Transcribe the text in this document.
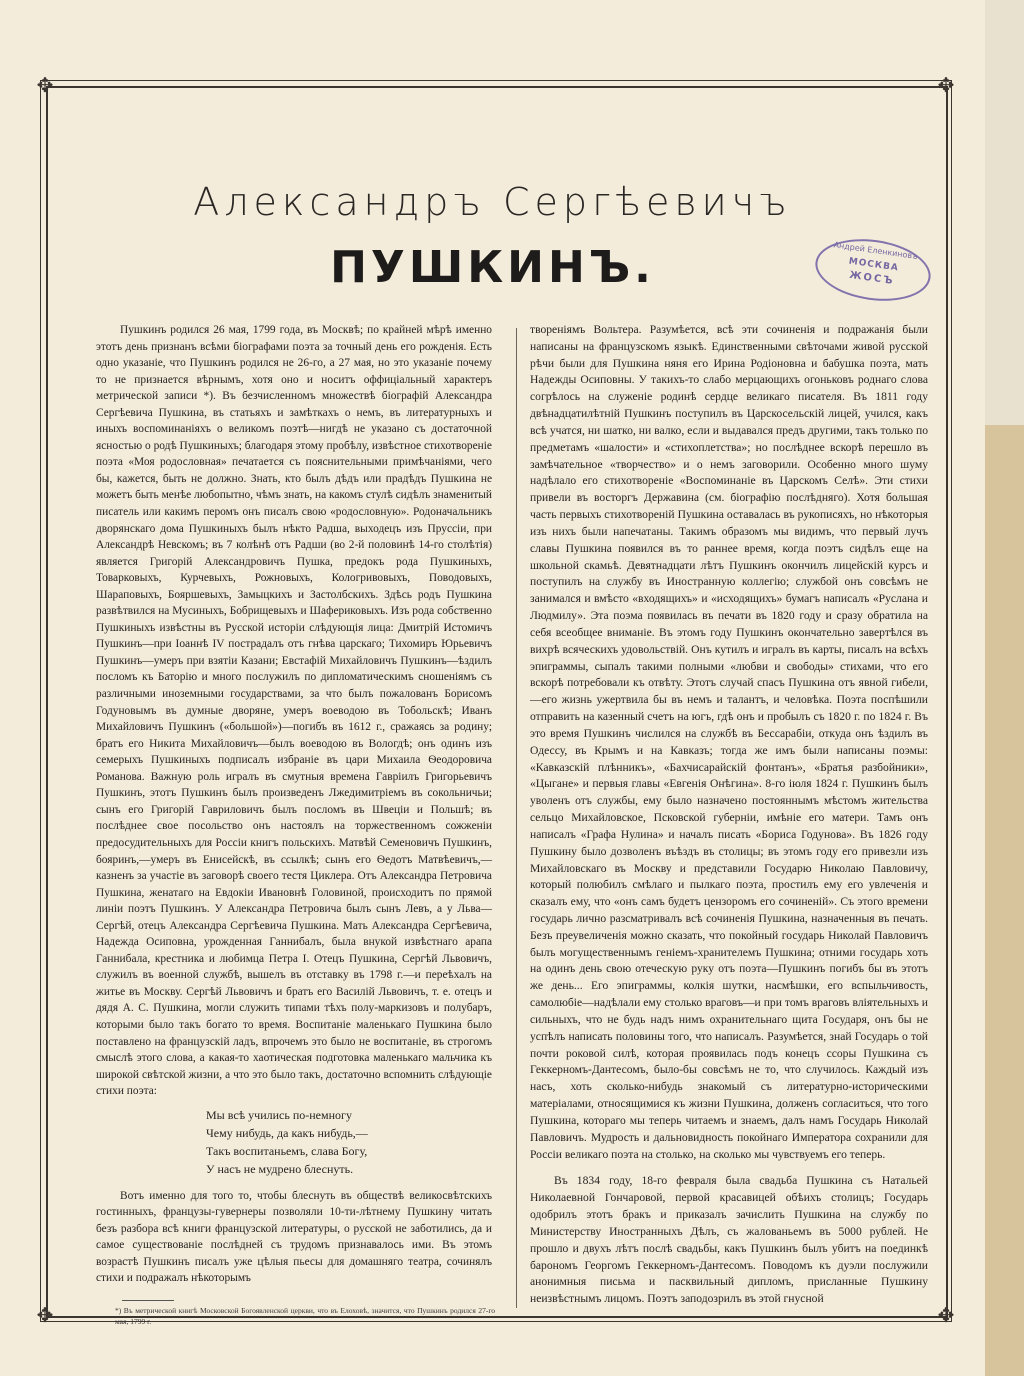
✥	✥
✥	✥
Александръ Сергѣевичъ
ПУШКИНЪ.	Андрей Еленкиновъ
МОСКВА
ЖОСЪ

Пушкинъ родился 26 мая, 1799 года, въ Москвѣ; по крайней мѣрѣ именно этотъ день признанъ всѣми біографами поэта за точный день его рожденія. Есть одно указаніе, что Пушкинъ родился не 26-го, а 27 мая, но это указаніе почему то не признается вѣрнымъ, хотя оно и носитъ оффиціальный характеръ метрической записи *). Въ безчисленномъ множествѣ біографій Александра Сергѣевича Пушкина, въ статьяхъ и замѣткахъ о немъ, въ литературныхъ и иныхъ воспоминаніяхъ о великомъ поэтѣ—нигдѣ не указано съ достаточной ясностью о родѣ Пушкиныхъ; благодаря этому пробѣлу, извѣстное стихотвореніе поэта «Моя родословная» печатается съ пояснительными примѣчаніями, чего бы, кажется, быть не должно. Знать, кто былъ дѣдъ или прадѣдъ Пушкина не можетъ быть менѣе любопытно, чѣмъ знать, на какомъ стулѣ сидѣлъ знаменитый писатель или какимъ перомъ онъ писалъ свою «родословную». Родоначальникъ дворянскаго дома Пушкиныхъ былъ нѣкто Радша, выходецъ изъ Пруссіи, при Александрѣ Невскомъ; въ 7 колѣнѣ отъ Радши (во 2-й половинѣ 14-го столѣтія) является Григорій Александровичъ Пушка, предокъ рода Пушкиныхъ, Товарковыхъ, Курчевыхъ, Рожновыхъ, Кологривовыхъ, Поводовыхъ, Шараповыхъ, Бояршевыхъ, Замыцкихъ и Застолбскихъ. Здѣсь родъ Пушкина развѣтвился на Мусиныхъ, Бобрищевыхъ и Шафериковыхъ. Изъ рода собственно Пушкиныхъ извѣстны въ Русской исторіи слѣдующія лица: Дмитрій Истомичъ Пушкинъ—при Іоаннѣ IV пострадалъ отъ гнѣва царскаго; Тихомиръ Юрьевичъ Пушкинъ—умеръ при взятіи Казани; Евстафій Михайловичъ Пушкинъ—ѣздилъ посломъ къ Баторію и много послужилъ по дипломатическимъ сношеніямъ съ различными иноземными государствами, за что былъ пожалованъ Борисомъ Годуновымъ въ думные дворяне, умеръ воеводою въ Тобольскѣ; Иванъ Михайловичъ Пушкинъ («большой»)—погибъ въ 1612 г., сражаясь за родину; братъ его Никита Михайловичъ—былъ воеводою въ Вологдѣ; онъ одинъ изъ семерыхъ Пушкиныхъ подписалъ избраніе въ цари Михаила Ѳеодоровича Романова. Важную роль игралъ въ смутныя времена Гавріилъ Григорьевичъ Пушкинъ, этотъ Пушкинъ былъ произведенъ Лжедимитріемъ въ сокольничьи; сынъ его Григорій Гавриловичъ былъ посломъ въ Швеціи и Польшѣ; въ послѣднее свое посольство онъ настоялъ на торжественномъ сожженіи предосудительныхъ для Россіи книгъ польскихъ. Матвѣй Семеновичъ Пушкинъ, бояринъ,—умеръ въ Енисейскѣ, въ ссылкѣ; сынъ его Ѳедотъ Матвѣевичъ,—казненъ за участіе въ заговорѣ своего тестя Циклера. Отъ Александра Петровича Пушкина, женатаго на Евдокіи Ивановнѣ Головиной, происходитъ по прямой линіи поэтъ Пушкинъ. У Александра Петровича былъ сынъ Левъ, а у Льва—Сергѣй, отецъ Александра Сергѣевича Пушкина. Мать Александра Сергѣевича, Надежда Осиповна, урожденная Ганнибалъ, была внукой извѣстнаго арапа Ганнибала, крестника и любимца Петра I. Отецъ Пушкина, Сергѣй Львовичъ, служилъ въ военной службѣ, вышелъ въ отставку въ 1798 г.—и переѣхалъ на житье въ Москву. Сергѣй Львовичъ и братъ его Василій Львовичъ, т. е. отецъ и дядя А. С. Пушкина, могли служить типами тѣхъ полу-маркизовъ и полубаръ, которыми было такъ богато то время. Воспитаніе маленькаго Пушкина было поставлено на французскій ладъ, впрочемъ это было не воспитаніе, въ строгомъ смыслѣ этого слова, а какая-то хаотическая подготовка маленькаго мальчика къ широкой свѣтской жизни, а что это было такъ, достаточно вспомнить слѣдующіе стихи поэта:

Мы всѣ учились по-немногу
Чему нибудь, да какъ нибудь,—
Такъ воспитаньемъ, слава Богу,
У насъ не мудрено блеснуть.

Вотъ именно для того то, чтобы блеснуть въ обществѣ великосвѣтскихъ гостинныхъ, французы-гувернеры позволяли 10-ти-лѣтнему Пушкину читать безъ разбора всѣ книги французской литературы, о русской не заботились, да и самое существованіе послѣдней съ трудомъ признавалось ими. Въ этомъ возрастѣ Пушкинъ писалъ уже цѣлыя пьесы для домашняго театра, сочинялъ стихи и подражалъ нѣкоторымъ

твореніямъ Вольтера. Разумѣется, всѣ эти сочиненія и подражанія были написаны на французскомъ языкѣ. Единственными свѣточами живой русской рѣчи были для Пушкина няня его Ирина Родіоновна и бабушка поэта, мать Надежды Осиповны. У такихъ-то слабо мерцающихъ огоньковъ роднаго слова согрѣлось на служеніе родинѣ сердце великаго писателя. Въ 1811 году двѣнадцатилѣтній Пушкинъ поступилъ въ Царскосельскій лицей, учился, какъ всѣ учатся, ни шатко, ни валко, если и выдавался предъ другими, такъ только по предметамъ «шалости» и «стихоплетства»; но послѣднее вскорѣ перешло въ замѣчательное «творчество» и о немъ заговорили. Особенно много шуму надѣлало его стихотвореніе «Воспоминаніе въ Царскомъ Селѣ». Эти стихи привели въ восторгъ Державина (см. біографію послѣдняго). Хотя большая часть первыхъ стихотвореній Пушкина оставалась въ рукописяхъ, но нѣкоторыя изъ нихъ были напечатаны. Такимъ образомъ мы видимъ, что первый лучъ славы Пушкина появился въ то раннее время, когда поэтъ сидѣлъ еще на школьной скамьѣ. Девятнадцати лѣтъ Пушкинъ окончилъ лицейскій курсъ и поступилъ на службу въ Иностранную коллегію; службой онъ совсѣмъ не занимался и вмѣсто «входящихъ» и «исходящихъ» бумагъ написалъ «Руслана и Людмилу». Эта поэма появилась въ печати въ 1820 году и сразу обратила на себя всеобщее вниманіе. Въ этомъ году Пушкинъ окончательно завертѣлся въ вихрѣ всяческихъ удовольствій. Онъ кутилъ и игралъ въ карты, писалъ на всѣхъ эпиграммы, сыпалъ такими полными «любви и свободы» стихами, что его вскорѣ потребовали къ отвѣту. Этотъ случай спасъ Пушкина отъ явной гибели,—его жизнь ужертвила бы въ немъ и талантъ, и человѣка. Поэта поспѣшили отправить на казенный счетъ на югъ, гдѣ онъ и пробылъ съ 1820 г. по 1824 г. Въ это время Пушкинъ числился на службѣ въ Бессарабіи, откуда онъ ѣздилъ въ Одессу, въ Крымъ и на Кавказъ; тогда же имъ были написаны поэмы: «Кавказскій плѣнникъ», «Бахчисарайскій фонтанъ», «Братья разбойники», «Цыгане» и первыя главы «Евгенія Онѣгина». 8-го іюля 1824 г. Пушкинъ былъ уволенъ отъ службы, ему было назначено постояннымъ мѣстомъ жительства сельцо Михайловское, Псковской губерніи, имѣніе его матери. Тамъ онъ написалъ «Графа Нулина» и началъ писать «Бориса Годунова». Въ 1826 году Пушкину было дозволенъ въѣздъ въ столицы; въ этомъ году его привезли изъ Михайловскаго въ Москву и представили Государю Николаю Павловичу, который полюбилъ смѣлаго и пылкаго поэта, простилъ ему его увлеченія и сказалъ ему, что «онъ самъ будетъ цензоромъ его сочиненій». Съ этого времени государь лично разсматривалъ всѣ сочиненія Пушкина, назначенныя въ печать. Безъ преувеличенія можно сказать, что покойный государь Николай Павловичъ былъ могущественнымъ геніемъ-хранителемъ Пушкина; отними государь хоть на одинъ день свою отеческую руку отъ поэта—Пушкинъ погибъ бы въ этотъ же день... Его эпиграммы, колкія шутки, насмѣшки, его вспыльчивость, самолюбіе—надѣлали ему столько враговъ—и при томъ враговъ вліятельныхъ и сильныхъ, что не будь надъ нимъ охранительнаго щита Государя, онъ бы не успѣлъ написать половины того, что написалъ. Разумѣется, знай Государь о той почти роковой силѣ, которая проявилась подъ конецъ ссоры Пушкина съ Геккерномъ-Дантесомъ, было-бы совсѣмъ не то, что случилось. Каждый изъ насъ, хоть сколько-нибудь знакомый съ литературно-историческими матеріалами, относящимися къ жизни Пушкина, долженъ согласиться, что того Пушкина, котораго мы теперь читаемъ и знаемъ, далъ намъ Государь Николай Павловичъ. Мудрость и дальновидность покойнаго Императора сохранили для Россіи великаго поэта на столько, на сколько мы чувствуемъ его теперь.

Въ 1834 году, 18-го февраля была свадьба Пушкина съ Натальей Николаевной Гончаровой, первой красавицей обѣихъ столицъ; Государь одобрилъ этотъ бракъ и приказалъ зачислить Пушкина на службу по Министерству Иностранныхъ Дѣлъ, съ жалованьемъ въ 5000 рублей. Не прошло и двухъ лѣтъ послѣ свадьбы, какъ Пушкинъ былъ убитъ на поединкѣ барономъ Георгомъ Геккерномъ-Дантесомъ. Поводомъ къ дуэли послужили анонимныя письма и пасквильный дипломъ, присланные Пушкину неизвѣстнымъ лицомъ. Поэтъ заподозрилъ въ этой гнусной

*) Въ метрической книгѣ Московской Богоявленской церкви, что въ Елоховѣ, значится, что Пушкинъ родился 27-го мая, 1799 г.
